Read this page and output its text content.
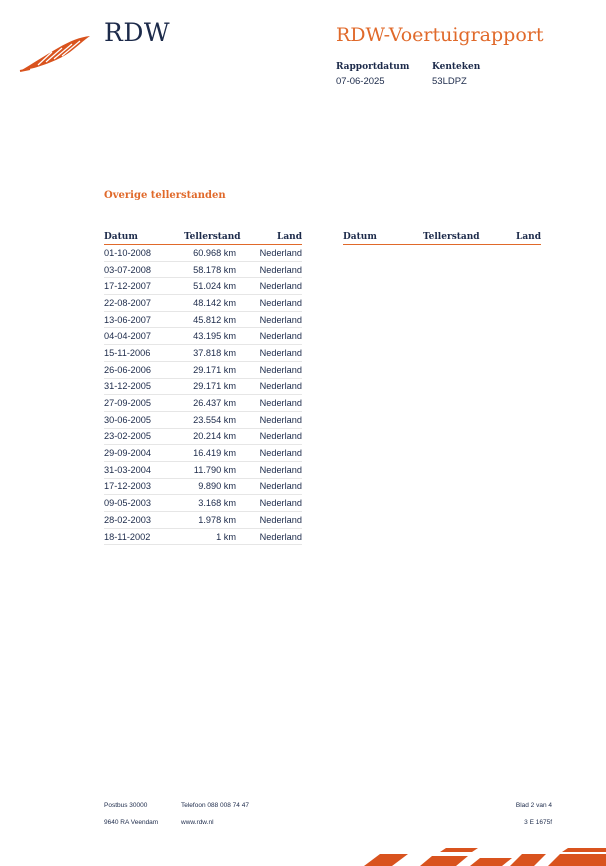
RDW	RDW-Voertuigrapport
Rapportdatum
07-06-2025
Kenteken
53LDPZ
Overige tellerstanden
Datum	Tellerstand	Land
01-10-2008	60.968 km	Nederland
03-07-2008	58.178 km	Nederland
17-12-2007	51.024 km	Nederland
22-08-2007	48.142 km	Nederland
13-06-2007	45.812 km	Nederland
04-04-2007	43.195 km	Nederland
15-11-2006	37.818 km	Nederland
26-06-2006	29.171 km	Nederland
31-12-2005	29.171 km	Nederland
27-09-2005	26.437 km	Nederland
30-06-2005	23.554 km	Nederland
23-02-2005	20.214 km	Nederland
29-09-2004	16.419 km	Nederland
31-03-2004	11.790 km	Nederland
17-12-2003	9.890 km	Nederland
09-05-2003	3.168 km	Nederland
28-02-2003	1.978 km	Nederland
18-11-2002	1 km	Nederland
Datum	Tellerstand	Land
Postbus 30000
9640 RA Veendam
Telefoon 088 008 74 47
www.rdw.nl
Blad 2 van 4
3 E 1675f
